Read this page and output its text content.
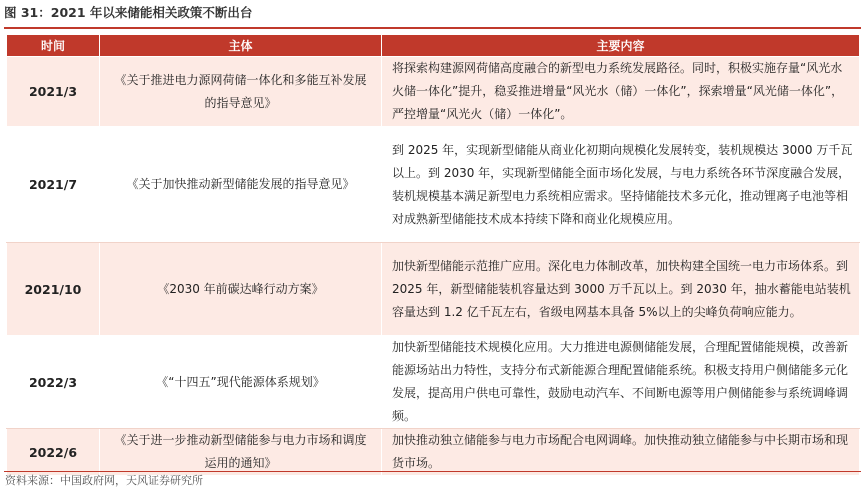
图 31：2021 年以来储能相关政策不断出台
时间	主体	主要内容
2021/3	《关于推进电力源网荷储一体化和多能互补发展的指导意见》	将探索构建源网荷储高度融合的新型电力系统发展路径。同时，积极实施存量“风光水火储一体化”提升，稳妥推进增量“风光水（储）一体化”，探索增量“风光储一体化”，严控增量“风光火（储）一体化”。
2021/7	《关于加快推动新型储能发展的指导意见》	到 2025 年，实现新型储能从商业化初期向规模化发展转变，装机规模达 3000 万千瓦以上。到 2030 年，实现新型储能全面市场化发展，与电力系统各环节深度融合发展，装机规模基本满足新型电力系统相应需求。坚持储能技术多元化，推动锂离子电池等相对成熟新型储能技术成本持续下降和商业化规模应用。
2021/10	《2030 年前碳达峰行动方案》	加快新型储能示范推广应用。深化电力体制改革，加快构建全国统一电力市场体系。到 2025 年，新型储能装机容量达到 3000 万千瓦以上。到 2030 年，抽水蓄能电站装机容量达到 1.2 亿千瓦左右，省级电网基本具备 5%以上的尖峰负荷响应能力。
2022/3	《“十四五”现代能源体系规划》	加快新型储能技术规模化应用。大力推进电源侧储能发展，合理配置储能规模，改善新能源场站出力特性，支持分布式新能源合理配置储能系统。积极支持用户侧储能多元化发展，提高用户供电可靠性，鼓励电动汽车、不间断电源等用户侧储能参与系统调峰调频。
2022/6	《关于进一步推动新型储能参与电力市场和调度运用的通知》	加快推动独立储能参与电力市场配合电网调峰。加快推动独立储能参与中长期市场和现货市场。
资料来源：中国政府网，天风证券研究所
